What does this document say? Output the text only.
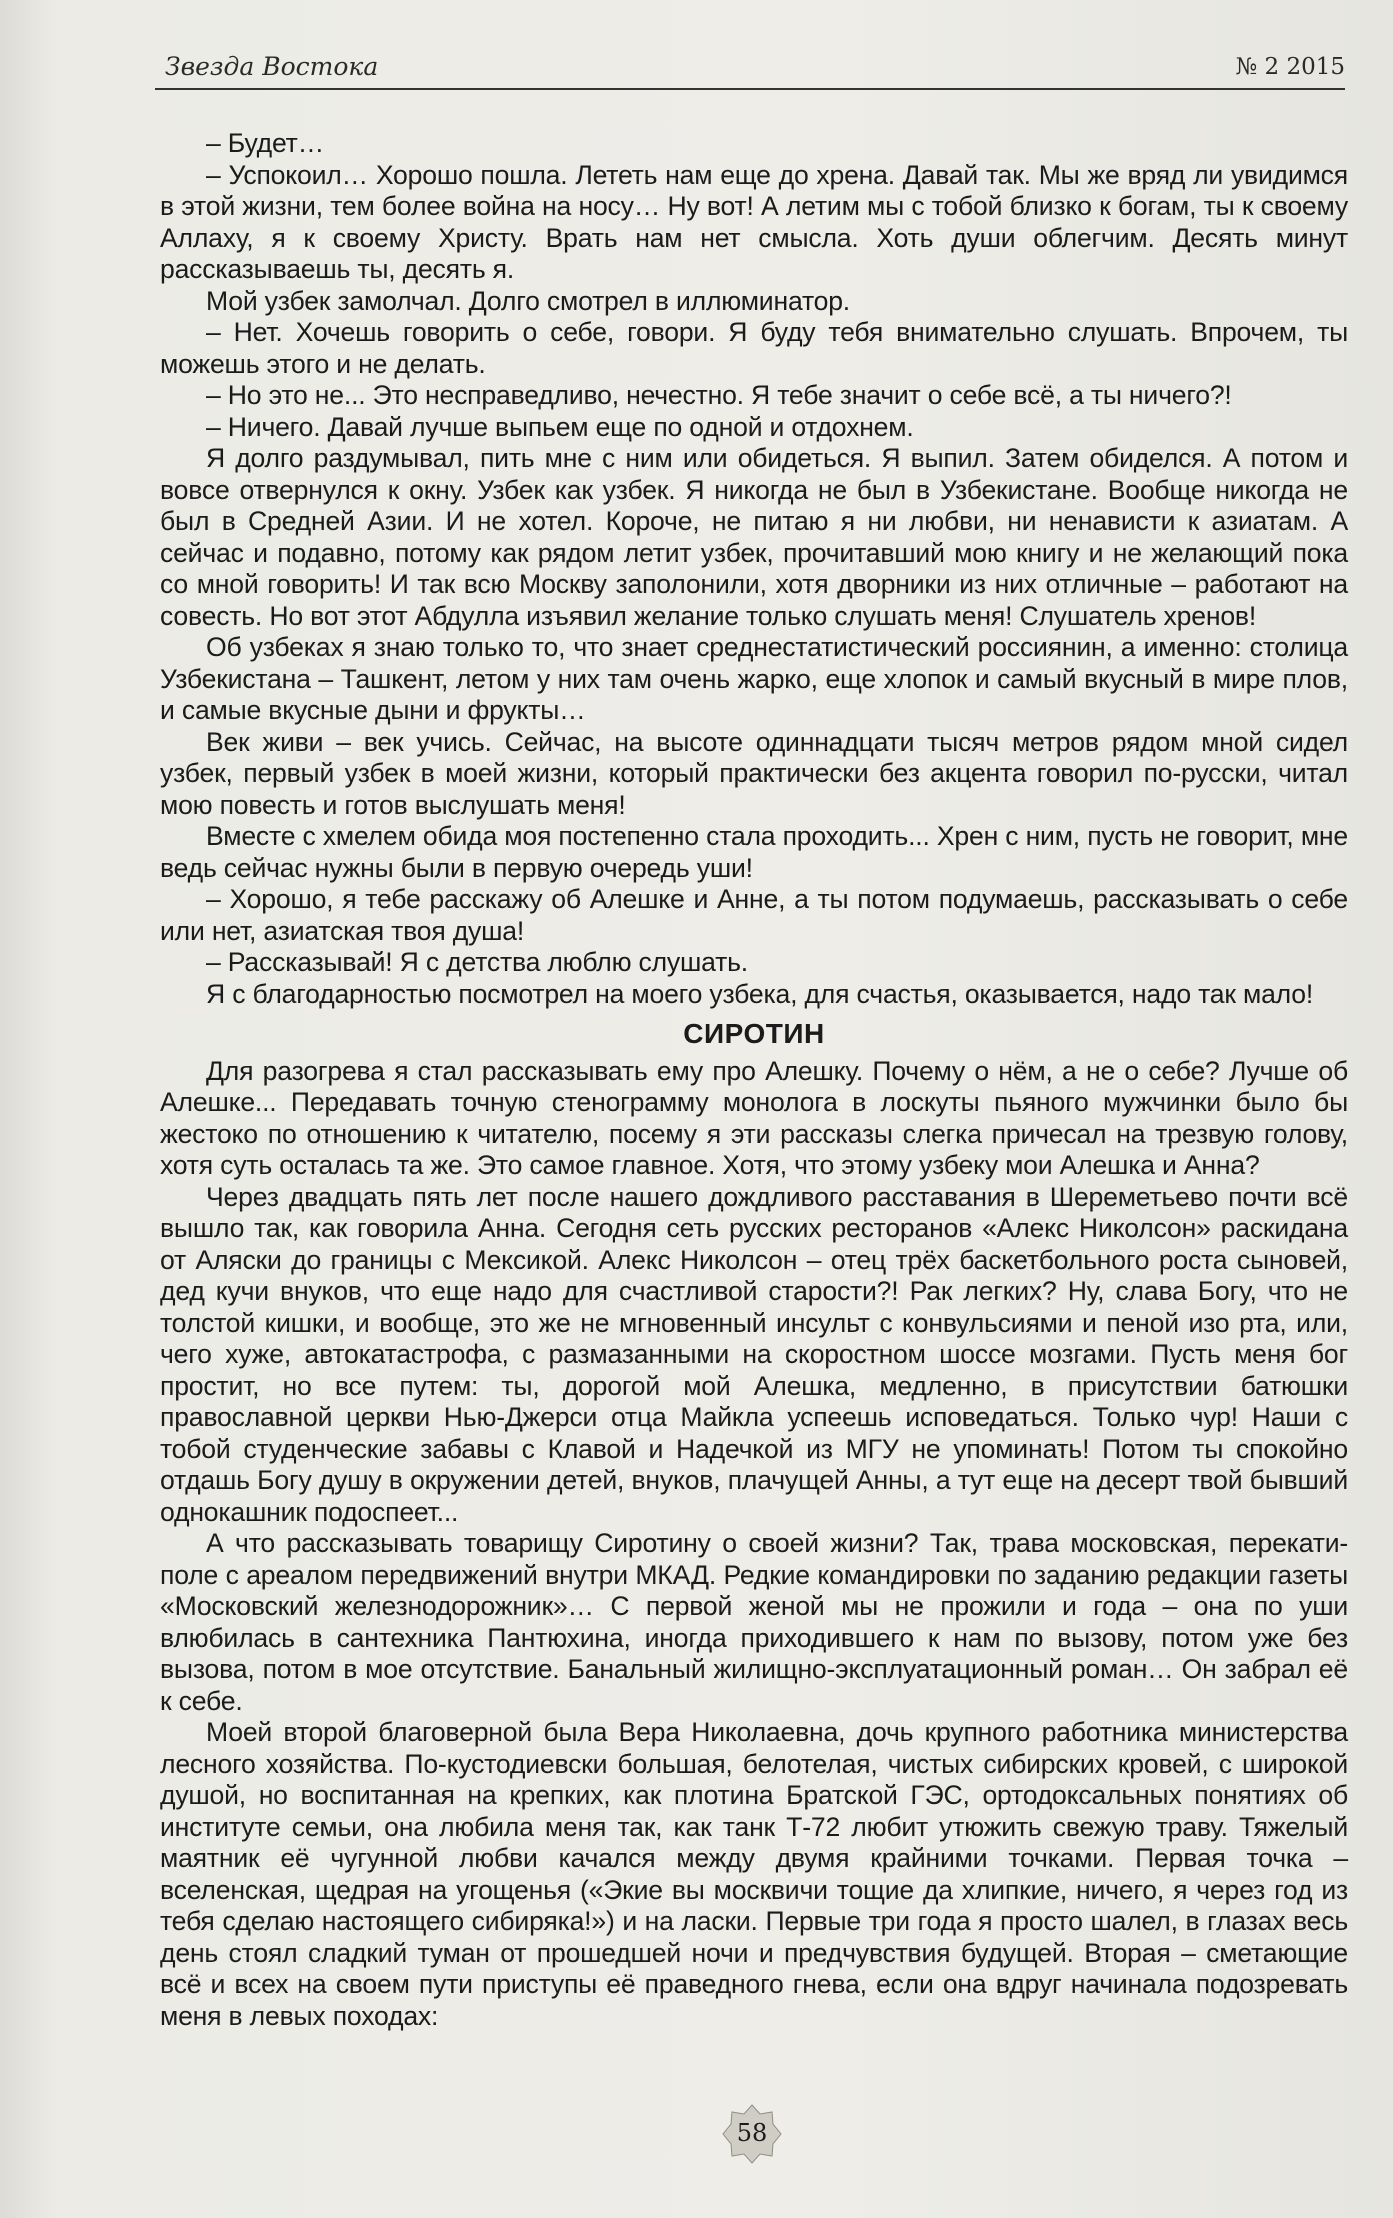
Звезда Востока	№ 2 2015

– Будет…

– Успокоил… Хорошо пошла. Лететь нам еще до хрена. Давай так. Мы же вряд ли увидимся в этой жизни, тем более война на носу… Ну вот! А летим мы с тобой близко к богам, ты к своему Аллаху, я к своему Христу. Врать нам нет смысла. Хоть души облегчим. Десять минут рассказываешь ты, десять я.

Мой узбек замолчал. Долго смотрел в иллюминатор.

– Нет. Хочешь говорить о себе, говори. Я буду тебя внимательно слушать. Впрочем, ты можешь этого и не делать.

– Но это не... Это несправедливо, нечестно. Я тебе значит о себе всё, а ты ничего?!

– Ничего. Давай лучше выпьем еще по одной и отдохнем.

Я долго раздумывал, пить мне с ним или обидеться. Я выпил. Затем обиделся. А потом и вовсе отвернулся к окну. Узбек как узбек. Я никогда не был в Узбекистане. Вообще никогда не был в Средней Азии. И не хотел. Короче, не питаю я ни любви, ни ненависти к азиатам. А сейчас и подавно, потому как рядом летит узбек, прочитавший мою книгу и не желающий пока со мной говорить! И так всю Москву заполонили, хотя дворники из них отличные – работают на совесть. Но вот этот Абдулла изъявил желание только слушать меня! Слушатель хренов!

Об узбеках я знаю только то, что знает среднестатистический россиянин, а именно: столица Узбекистана – Ташкент, летом у них там очень жарко, еще хлопок и самый вкусный в мире плов, и самые вкусные дыни и фрукты…

Век живи – век учись. Сейчас, на высоте одиннадцати тысяч метров рядом мной сидел узбек, первый узбек в моей жизни, который практически без акцента говорил по-русски, читал мою повесть и готов выслушать меня!

Вместе с хмелем обида моя постепенно стала проходить... Хрен с ним, пусть не говорит, мне ведь сейчас нужны были в первую очередь уши!

– Хорошо, я тебе расскажу об Алешке и Анне, а ты потом подумаешь, рассказывать о себе или нет, азиатская твоя душа!

– Рассказывай! Я с детства люблю слушать.

Я с благодарностью посмотрел на моего узбека, для счастья, оказывается, надо так мало!

СИРОТИН

Для разогрева я стал рассказывать ему про Алешку. Почему о нём, а не о себе? Лучше об Алешке... Передавать точную стенограмму монолога в лоскуты пьяного мужчинки было бы жестоко по отношению к читателю, посему я эти рассказы слегка причесал на трезвую голову, хотя суть осталась та же. Это самое главное. Хотя, что этому узбеку мои Алешка и Анна?

Через двадцать пять лет после нашего дождливого расставания в Шереметьево почти всё вышло так, как говорила Анна. Сегодня сеть русских ресторанов «Алекс Николсон» раскидана от Аляски до границы с Мексикой. Алекс Николсон – отец трёх баскетбольного роста сыновей, дед кучи внуков, что еще надо для счастливой старости?! Рак легких? Ну, слава Богу, что не толстой кишки, и вообще, это же не мгновенный инсульт с конвульсиями и пеной изо рта, или, чего хуже, автокатастрофа, с размазанными на скоростном шоссе мозгами. Пусть меня бог простит, но все путем: ты, дорогой мой Алешка, медленно, в присутствии батюшки православной церкви Нью-Джерси отца Майкла успеешь исповедаться. Только чур! Наши с тобой студенческие забавы с Клавой и Надечкой из МГУ не упоминать! Потом ты спокойно отдашь Богу душу в окружении детей, внуков, плачущей Анны, а тут еще на десерт твой бывший однокашник подоспеет...

А что рассказывать товарищу Сиротину о своей жизни? Так, трава московская, перекати-поле с ареалом передвижений внутри МКАД. Редкие командировки по заданию редакции газеты «Московский железнодорожник»… С первой женой мы не прожили и года – она по уши влюбилась в сантехника Пантюхина, иногда приходившего к нам по вызову, потом уже без вызова, потом в мое отсутствие. Банальный жилищно-эксплуатационный роман… Он забрал её к себе.

Моей второй благоверной была Вера Николаевна, дочь крупного работника министерства лесного хозяйства. По-кустодиевски большая, белотелая, чистых сибирских кровей, с широкой душой, но воспитанная на крепких, как плотина Братской ГЭС, ортодоксальных понятиях об институте семьи, она любила меня так, как танк Т-72 любит утюжить свежую траву. Тяжелый маятник её чугунной любви качался между двумя крайними точками. Первая точка – вселенская, щедрая на угощенья («Экие вы москвичи тощие да хлипкие, ничего, я через год из тебя сделаю настоящего сибиряка!») и на ласки. Первые три года я просто шалел, в глазах весь день стоял сладкий туман от прошедшей ночи и предчувствия будущей. Вторая – сметающие всё и всех на своем пути приступы её праведного гнева, если она вдруг начинала подозревать меня в левых походах:

58
